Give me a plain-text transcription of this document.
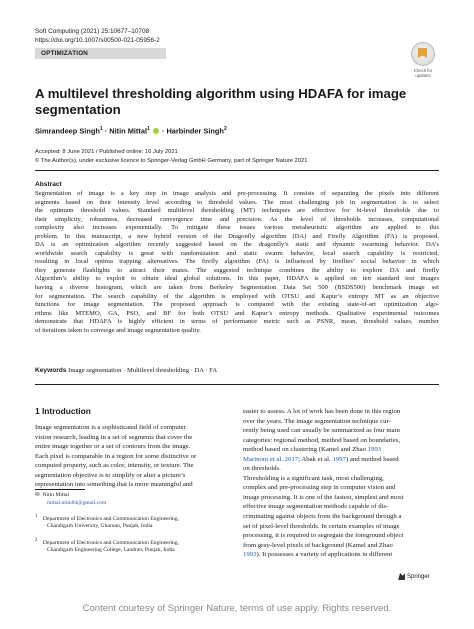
Soft Computing (2021) 25:10677–10708
https://doi.org/10.1007/s00500-021-05956-2
OPTIMIZATION
Check for
updates
A multilevel thresholding algorithm using HDAFA for image
segmentation
Simrandeep Singh$^1$ · Nitin Mittal$^1$  · Harbinder Singh$^2$
Accepted: 8 June 2021 / Published online: 16 July 2021
© The Author(s), under exclusive licence to Springer-Verlag GmbH Germany, part of Springer Nature 2021
Abstract
Segmentation of image is a key step in image analysis and pre-processing. It consists of separating the pixels into different
segments based on their intensity level according to threshold values. The most challenging job in segmentation is to select
the optimum threshold values. Standard multilevel thresholding (MT) techniques are effective for bi-level thresholds due to
their simplicity, robustness, decreased convergence time and precision. As the level of thresholds increases, computational
complexity also increases exponentially. To mitigate these issues various metaheuristic algorithm are applied to this
problem. In this manuscript, a new hybrid version of the Dragonfly algorithm (DA) and Firefly Algorithm (FA) is proposed.
DA is an optimization algorithm recently suggested based on the dragonfly’s static and dynamic swarming behavior. DA’s
worldwide search capability is great with randomization and static swarm behavior, local search capability is restricted,
resulting in local optima trapping alternatives. The firefly algorithm (FA) is influenced by fireflies’ social behavior in which
they generate flashlights to attract their mates. The suggested technique combines the ability to explore DA and firefly
Algorithm’s ability to exploit to obtain ideal global solutions. In this paper, HDAFA is applied on ten standard test images
having a diverse histogram, which are taken from Berkeley Segmentation Data Set 500 (BSDS500) benchmark image set
for segmentation. The search capability of the algorithm is employed with OTSU and Kapur’s entropy MT as an objective
functions for image segmentation. The proposed approach is compared with the existing state-of-art optimization algo-
rithms like MTEMO, GA, PSO, and BF for both OTSU and Kapur’s entropy methods. Qualitative experimental outcomes
demonstrate that HDAFA is highly efficient in terms of performance metric such as PSNR, mean, threshold values, number
of iterations taken to converge and image segmentation quality.
Keywords Image segmentation · Multilevel thresholding · DA · FA
1 Introduction
Image segmentation is a sophisticated field of computer
vision research, leading in a set of segments that cover the
entire image together or a set of contours from the image.
Each pixel is comparable in a region for some distinctive or
computed property, such as color, intensity, or texture. The
segmentation objective is to simplify or alter a picture’s
representation into something that is more meaningful and
easier to assess. A lot of work has been done in this region
over the years. The image segmentation technique cur-
rently being used can usually be summarized as four main
categories: regional method, method based on boundaries,
method based on clustering (Kamel and Zhao 1993
Marinoni et al. 2017; Abak et al. 1997) and method based
on thresholds.
Thresholding is a significant task, most challenging,
complex and pre-processing step in computer vision and
image processing. It is one of the fastest, simplest and most
effective image segmentation methods capable of dis-
criminating against objects from the background through a
set of pixel-level thresholds. In certain examples of image
processing, it is required to segregate the foreground object
from gray-level pixels of background (Kamel and Zhao
1993). It possesses a variety of applications in different
✉ Nitin Mittal
mittal.nitin84@gmail.com
$^1$ Department of Electronics and Communication Engineering,
Chandigarh University, Gharuan, Punjab, India
$^2$ Department of Electronics and Communication Engineering,
Chandigarh Engineering College, Landran, Punjab, India
Springer
Content courtesy of Springer Nature, terms of use apply. Rights reserved.
